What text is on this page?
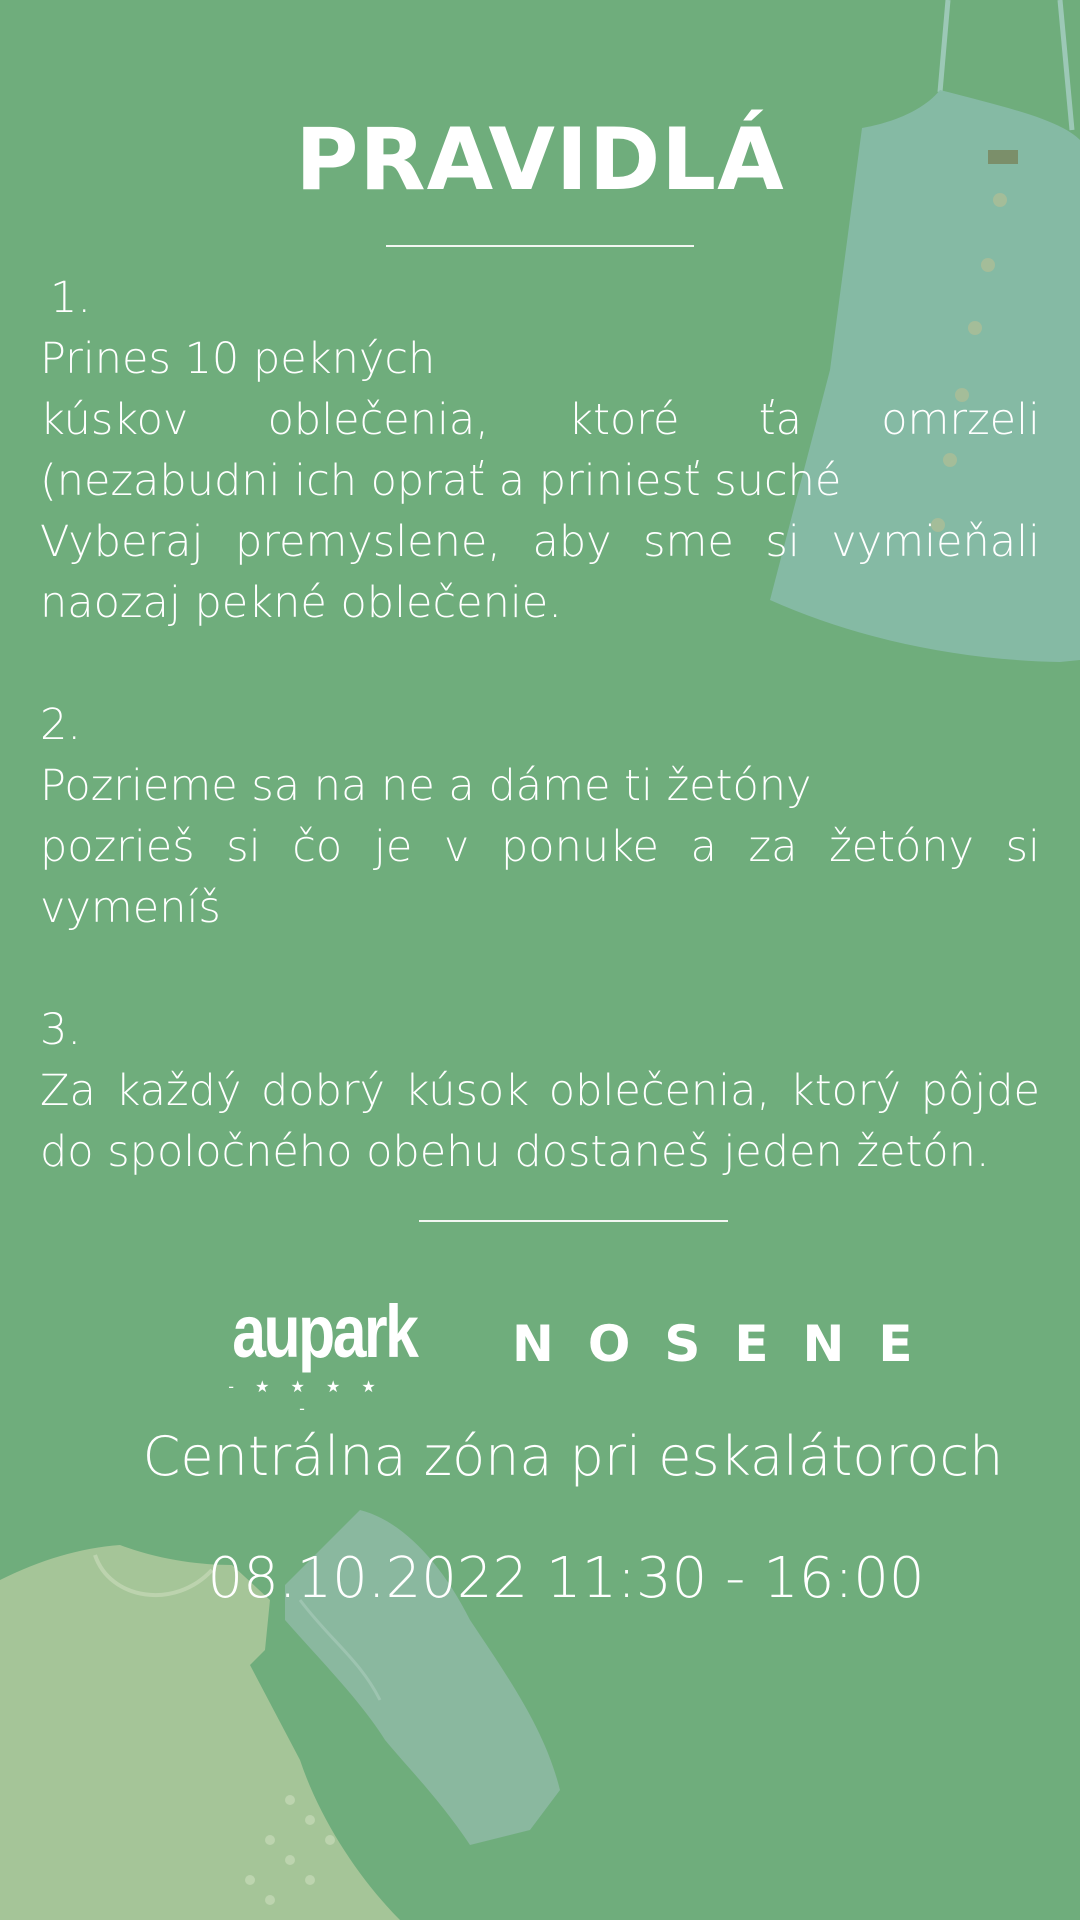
PRAVIDLÁ
1.
Prines 10 pekných
kúskov oblečenia, ktoré ťa omrzeli
(nezabudni ich oprať a priniesť suché
Vyberaj premyslene, aby sme si vymieňali
naozaj pekné oblečenie.
2.
Pozrieme sa na ne a dáme ti žetóny
pozrieš si čo je v ponuke a za žetóny si
vymeníš
3.
Za každý dobrý kúsok oblečenia, ktorý pôjde
do spoločného obehu dostaneš jeden žetón.
aupark
- ★ ★ ★ ★ -
NOSENE
Centrálna zóna pri eskalátoroch
08.10.2022 11:30 - 16:00
